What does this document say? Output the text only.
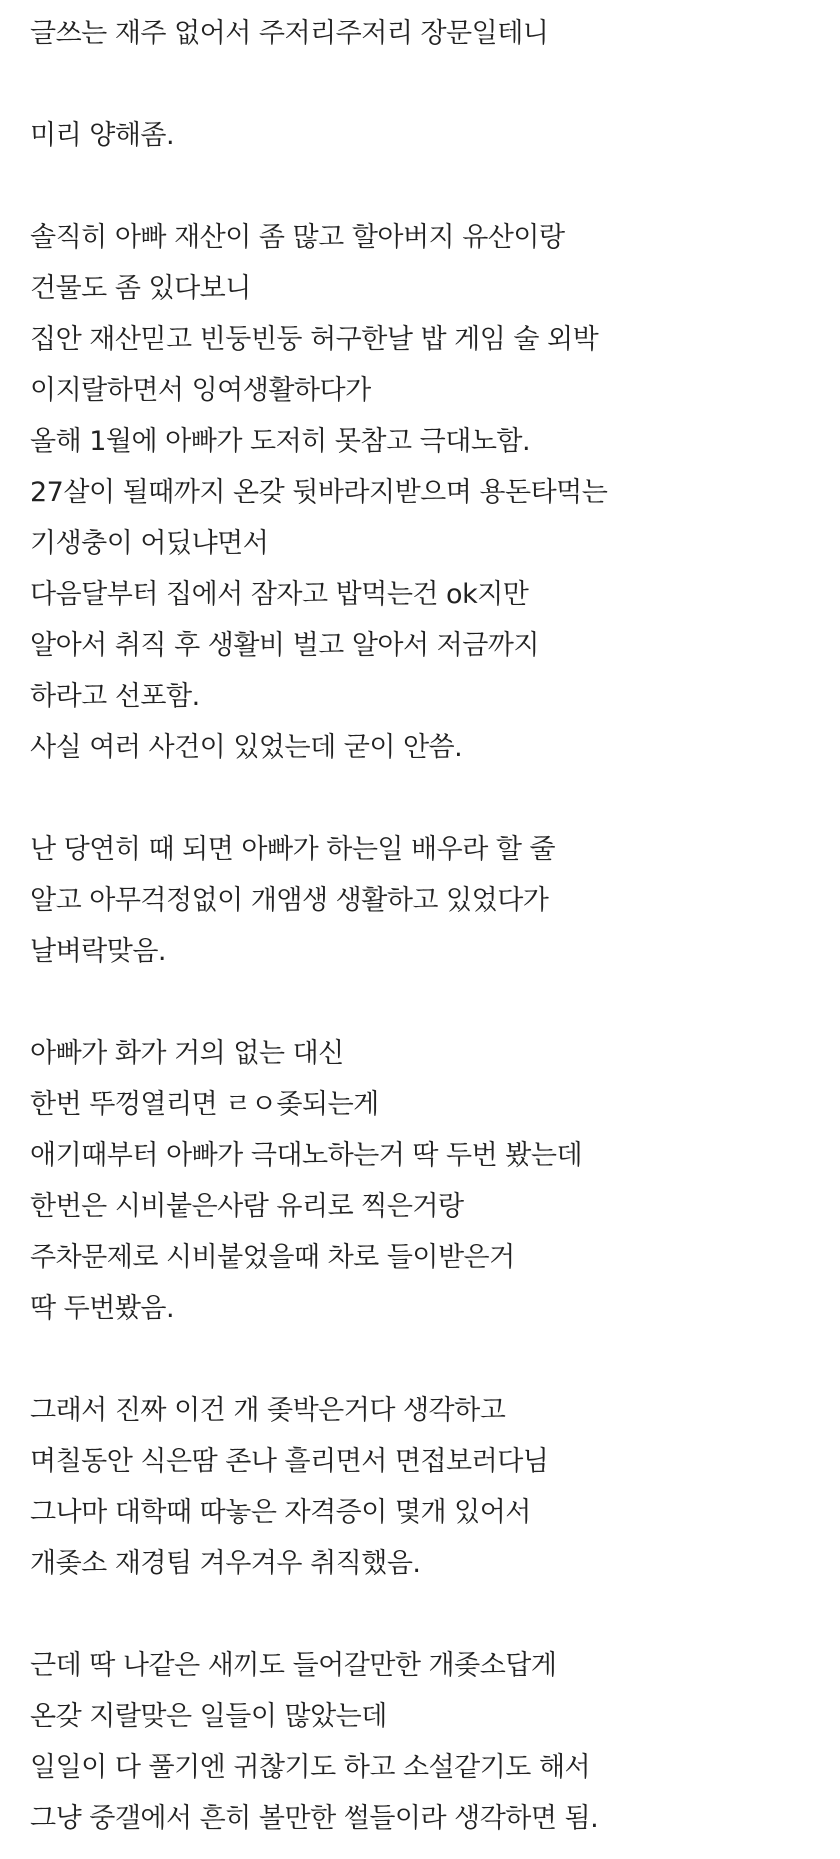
글쓰는 재주 없어서 주저리주저리 장문일테니
미리 양해좀.
솔직히 아빠 재산이 좀 많고 할아버지 유산이랑
건물도 좀 있다보니
집안 재산믿고 빈둥빈둥 허구한날 밥 게임 술 외박
이지랄하면서 잉여생활하다가
올해 1월에 아빠가 도저히 못참고 극대노함.
27살이 될때까지 온갖 뒷바라지받으며 용돈타먹는
기생충이 어딨냐면서
다음달부터 집에서 잠자고 밥먹는건 ok지만
알아서 취직 후 생활비 벌고 알아서 저금까지
하라고 선포함.
사실 여러 사건이 있었는데 굳이 안씀.
난 당연히 때 되면 아빠가 하는일 배우라 할 줄
알고 아무걱정없이 개앰생 생활하고 있었다가
날벼락맞음.
아빠가 화가 거의 없는 대신
한번 뚜껑열리면 ㄹㅇ좆되는게
애기때부터 아빠가 극대노하는거 딱 두번 봤는데
한번은 시비붙은사람 유리로 찍은거랑
주차문제로 시비붙었을때 차로 들이받은거
딱 두번봤음.
그래서 진짜 이건 개 좆박은거다 생각하고
며칠동안 식은땀 존나 흘리면서 면접보러다님
그나마 대학때 따놓은 자격증이 몇개 있어서
개좆소 재경팀 겨우겨우 취직했음.
근데 딱 나같은 새끼도 들어갈만한 개좆소답게
온갖 지랄맞은 일들이 많았는데
일일이 다 풀기엔 귀찮기도 하고 소설같기도 해서
그냥 중갤에서 흔히 볼만한 썰들이라 생각하면 됨.
